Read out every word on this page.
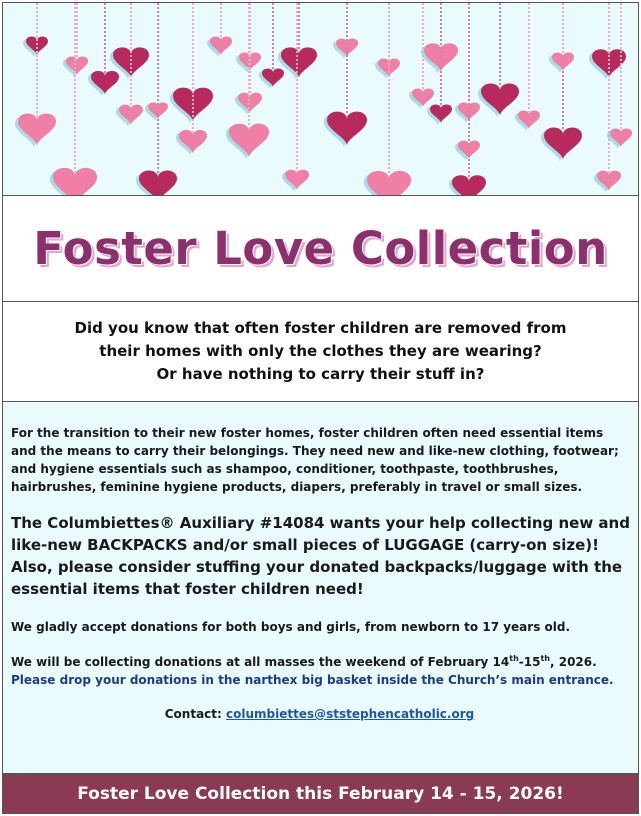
Foster Love Collection
Did you know that often foster children are removed from
their homes with only the clothes they are wearing?
Or have nothing to carry their stuff in?
For the transition to their new foster homes, foster children often need essential items
and the means to carry their belongings. They need new and like-new clothing, footwear;
and hygiene essentials such as shampoo, conditioner, toothpaste, toothbrushes,
hairbrushes, feminine hygiene products, diapers, preferably in travel or small sizes.
The Columbiettes® Auxiliary #14084 wants your help collecting new and
like-new BACKPACKS and/or small pieces of LUGGAGE (carry-on size)!
Also, please consider stuffing your donated backpacks/luggage with the
essential items that foster children need!
We gladly accept donations for both boys and girls, from newborn to 17 years old.
We will be collecting donations at all masses the weekend of February 14th-15th, 2026.
Please drop your donations in the narthex big basket inside the Church’s main entrance.
Contact: columbiettes@ststephencatholic.org
Foster Love Collection this February 14 - 15, 2026!
